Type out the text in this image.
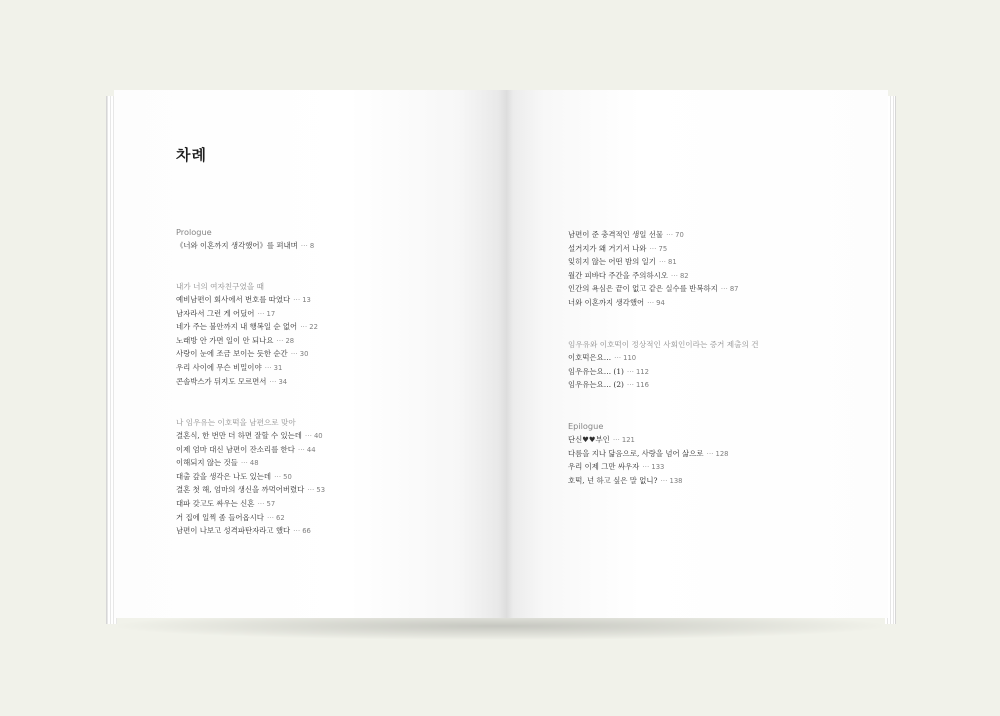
차례
Prologue
《너와 이혼까지 생각했어》를 펴내며 ··· 8
내가 너의 여자친구였을 때
예비남편이 회사에서 번호를 따였다 ··· 13
남자라서 그런 게 어딨어 ··· 17
네가 주는 불안까지 내 행복일 순 없어 ··· 22
노래방 안 가면 일이 안 되나요 ··· 28
사랑이 눈에 조금 보이는 듯한 순간 ··· 30
우리 사이에 무슨 비밀이야 ··· 31
콘솔박스가 뒤지도 모르면서 ··· 34
나 임우유는 이호떡을 남편으로 맞아
결혼식, 한 번만 더 하면 잘할 수 있는데 ··· 40
이제 엄마 대신 남편이 잔소리를 한다 ··· 44
이해되지 않는 것들 ··· 48
대출 갚을 생각은 나도 있는데 ··· 50
결혼 첫 해, 엄마의 생신을 까먹어버렸다 ··· 53
대파 갖고도 싸우는 신혼 ··· 57
거 집에 일찍 좀 들어옵시다 ··· 62
남편이 나보고 성격파탄자라고 했다 ··· 66
남편이 준 충격적인 생일 선물 ··· 70
설거지가 왜 거기서 나와 ··· 75
잊히지 않는 어떤 밤의 일기 ··· 81
월간 피바다 주간을 주의하시오 ··· 82
인간의 욕심은 끝이 없고 같은 실수를 반복하지 ··· 87
너와 이혼까지 생각했어 ··· 94
임우유와 이호떡이 정상적인 사회인이라는 증거 제출의 건
이호떡은요… ··· 110
임우유는요… (1) ··· 112
임우유는요… (2) ··· 116
Epilogue
단신♥♥부인 ··· 121
다름을 지나 닮음으로, 사랑을 넘어 삶으로 ··· 128
우리 이제 그만 싸우자 ··· 133
호떡, 넌 하고 싶은 말 없니? ··· 138
